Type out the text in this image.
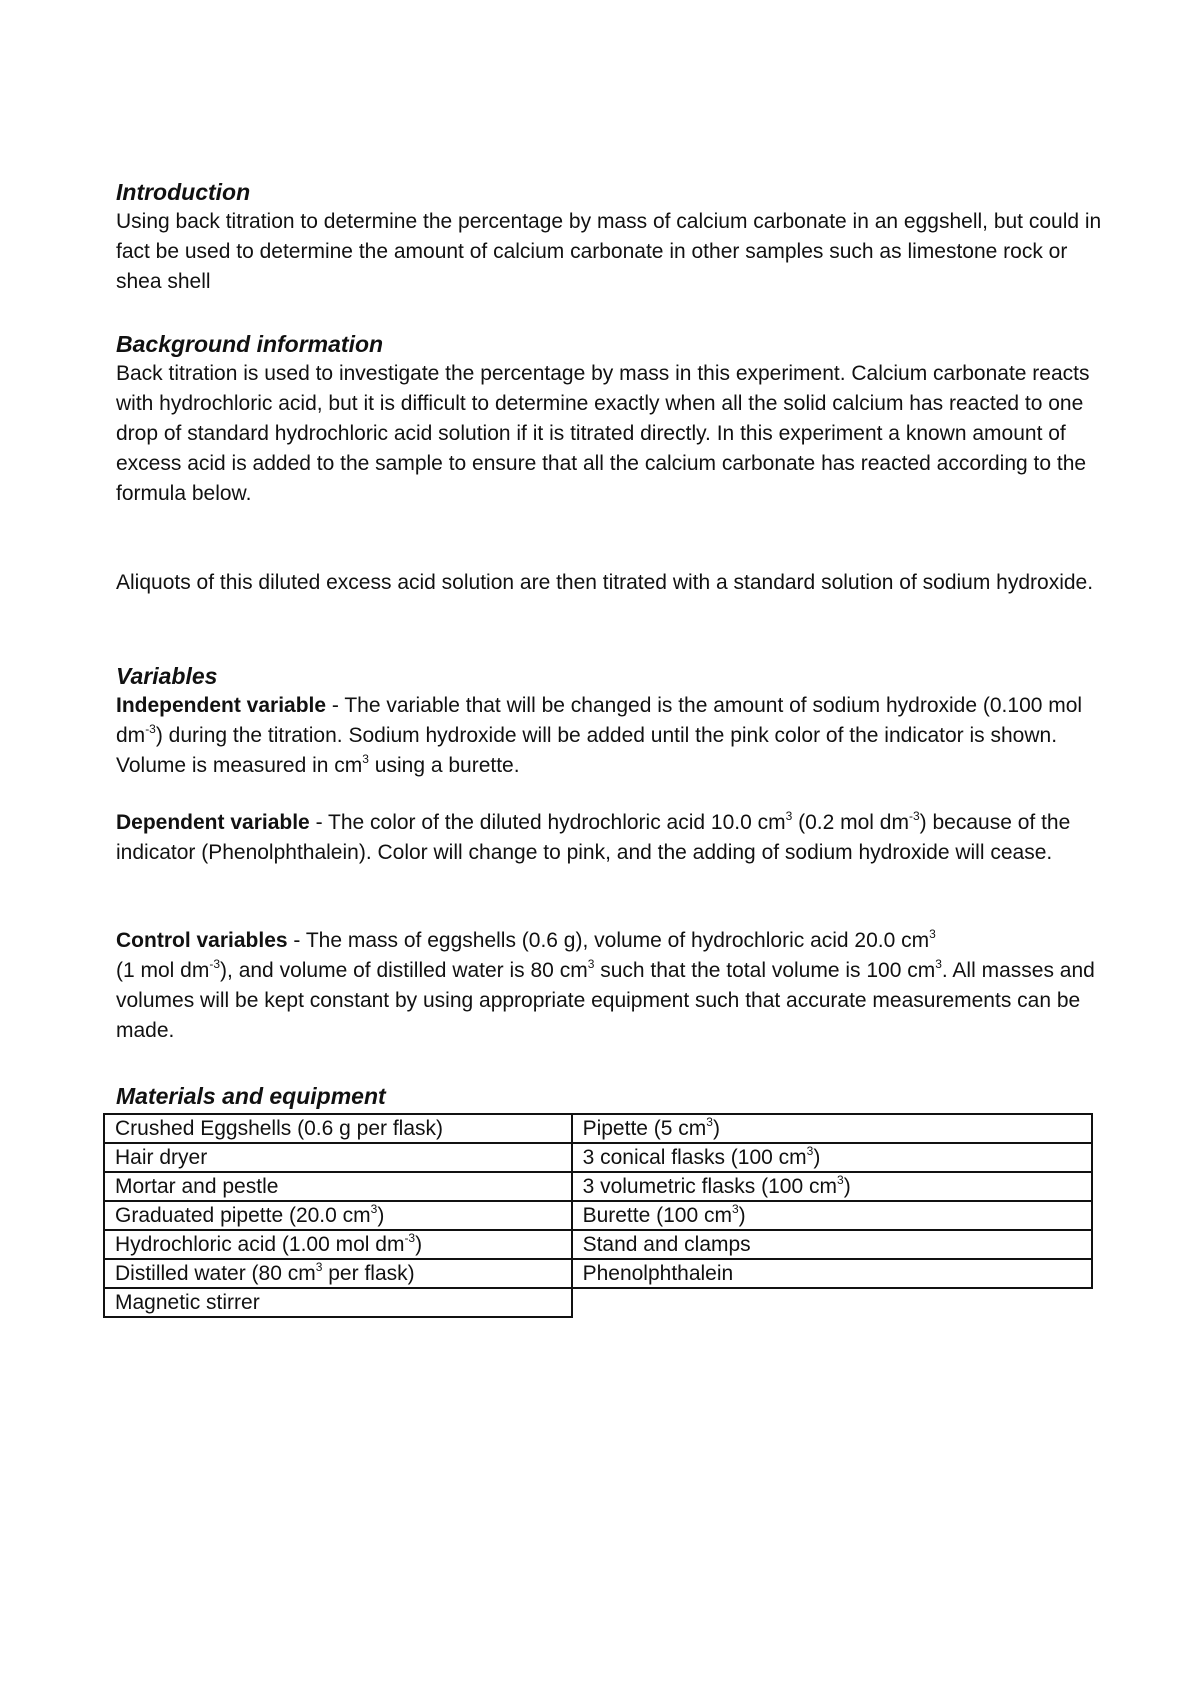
Introduction
Using back titration to determine the percentage by mass of calcium carbonate in an eggshell, but could in fact be used to determine the amount of calcium carbonate in other samples such as limestone rock or shea shell
Background information
Back titration is used to investigate the percentage by mass in this experiment. Calcium carbonate reacts with hydrochloric acid, but it is difficult to determine exactly when all the solid calcium has reacted to one drop of standard hydrochloric acid solution if it is titrated directly. In this experiment a known amount of excess acid is added to the sample to ensure that all the calcium carbonate has reacted according to the formula below.
Aliquots of this diluted excess acid solution are then titrated with a standard solution of sodium hydroxide.
Variables
Independent variable - The variable that will be changed is the amount of sodium hydroxide (0.100 mol $dm^{-3}$) during the titration. Sodium hydroxide will be added until the pink color of the indicator is shown. Volume is measured in $cm^3$ using a burette.
Dependent variable - The color of the diluted hydrochloric acid 10.0 $cm^3$ (0.2 mol $dm^{-3}$) because of the indicator (Phenolphthalein). Color will change to pink, and the adding of sodium hydroxide will cease.
Control variables - The mass of eggshells (0.6 g), volume of hydrochloric acid 20.0 $cm^3$
(1 mol $dm^{-3}$), and volume of distilled water is 80 $cm^3$ such that the total volume is 100 $cm^3$. All masses and volumes will be kept constant by using appropriate equipment such that accurate measurements can be made.
Materials and equipment
Crushed Eggshells (0.6 g per flask)	Pipette (5 $cm^3$)
Hair dryer	3 conical flasks (100 $cm^3$)
Mortar and pestle	3 volumetric flasks (100 $cm^3$)
Graduated pipette (20.0 $cm^3$)	Burette (100 $cm^3$)
Hydrochloric acid (1.00 mol $dm^{-3}$)	Stand and clamps
Distilled water (80 $cm^3$ per flask)	Phenolphthalein
Magnetic stirrer	
